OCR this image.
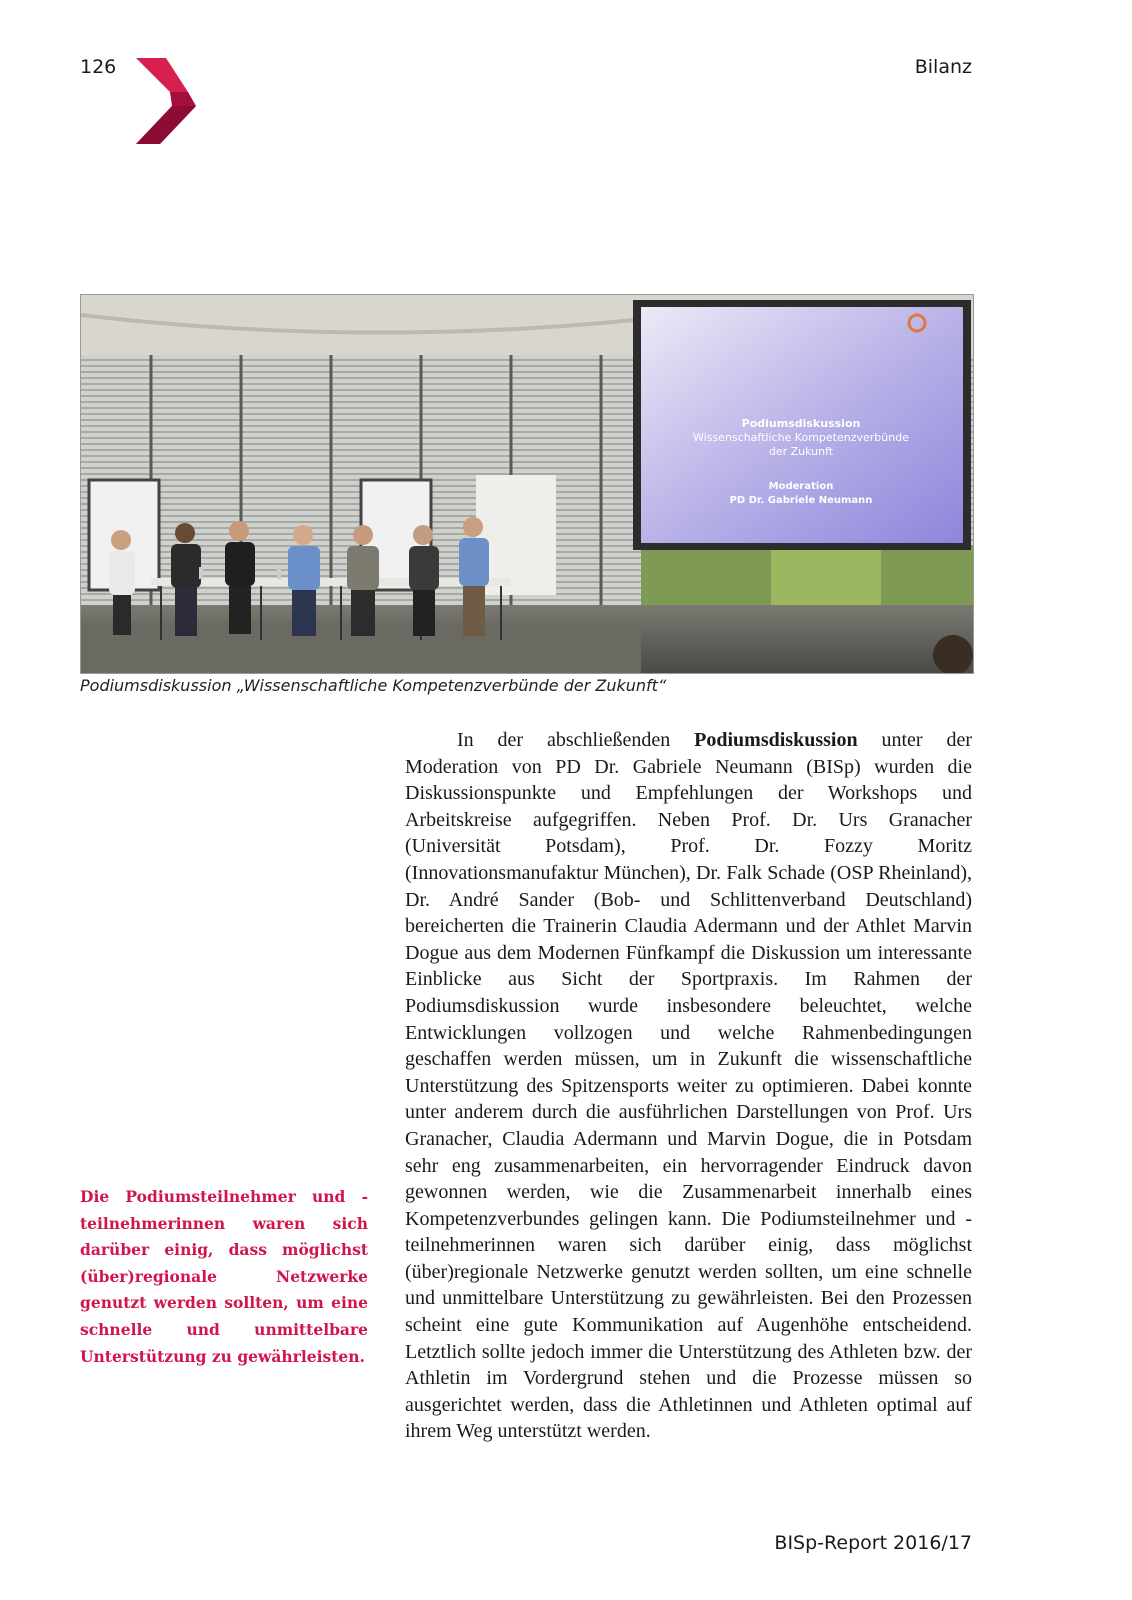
126	Bilanz
Podiumsdiskussion
Wissenschaftliche Kompetenzverbünde
der Zukunft
Moderation
PD Dr. Gabriele Neumann
Podiumsdiskussion „Wissenschaftliche Kompetenzverbünde der Zukunft“
Die Podiumsteilnehmer und -teilnehmerinnen waren sich darüber einig, dass möglichst (über)regionale Netzwerke genutzt werden sollten, um eine schnelle und unmittelbare Unterstützung zu gewährleisten.

In der abschließenden Podiumsdiskussion unter der Moderation von PD Dr. Gabriele Neumann (BISp) wurden die Diskussionspunkte und Empfehlungen der Workshops und Arbeitskreise aufgegriffen. Neben Prof. Dr. Urs Granacher (Universität Potsdam), Prof. Dr. Fozzy Moritz (Innovationsmanufaktur München), Dr. Falk Schade (OSP Rheinland), Dr. André Sander (Bob- und Schlittenverband Deutschland) bereicherten die Trainerin Claudia Adermann und der Athlet Marvin Dogue aus dem Modernen Fünfkampf die Diskussion um interessante Einblicke aus Sicht der Sportpraxis. Im Rahmen der Podiumsdiskussion wurde insbesondere beleuchtet, welche Entwicklungen vollzogen und welche Rahmenbedingungen geschaffen werden müssen, um in Zukunft die wissenschaftliche Unterstützung des Spitzensports weiter zu optimieren. Dabei konnte unter anderem durch die ausführlichen Darstellungen von Prof. Urs Granacher, Claudia Adermann und Marvin Dogue, die in Potsdam sehr eng zusammenarbeiten, ein hervorragender Eindruck davon gewonnen werden, wie die Zusammenarbeit innerhalb eines Kompetenzverbundes gelingen kann. Die Podiumsteilnehmer und -teilnehmerinnen waren sich darüber einig, dass möglichst (über)regionale Netzwerke genutzt werden sollten, um eine schnelle und unmittelbare Unterstützung zu gewährleisten. Bei den Prozessen scheint eine gute Kommunikation auf Augenhöhe entscheidend. Letztlich sollte jedoch immer die Unterstützung des Athleten bzw. der Athletin im Vordergrund stehen und die Prozesse müssen so ausgerichtet werden, dass die Athletinnen und Athleten optimal auf ihrem Weg unterstützt werden.

BISp-Report 2016/17
